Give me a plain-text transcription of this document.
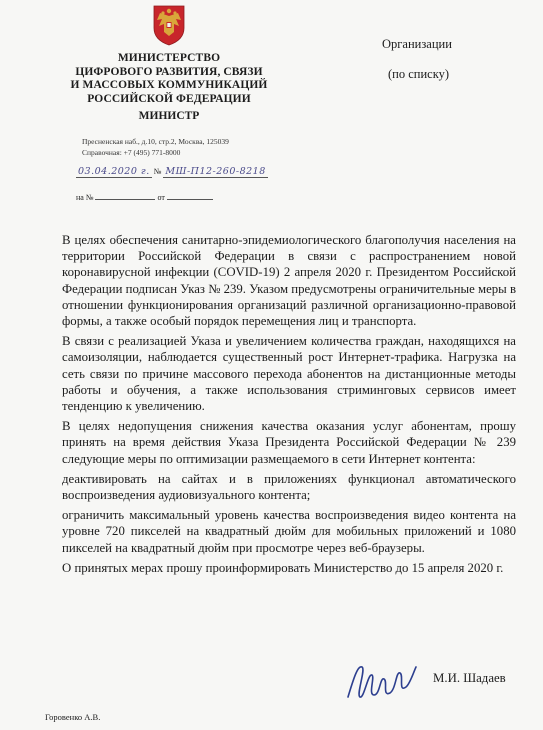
МИНИСТЕРСТВО
ЦИФРОВОГО РАЗВИТИЯ, СВЯЗИ
И МАССОВЫХ КОММУНИКАЦИЙ
РОССИЙСКОЙ ФЕДЕРАЦИИ
МИНИСТР
Пресненская наб., д.10, стр.2, Москва, 125039
Справочная: +7 (495) 771-8000
03.04.2020 г. № МШ-П12-260-8218
на №	от
Организации
(по списку)

В целях обеспечения санитарно-эпидемиологического благополучия населения на территории Российской Федерации в связи с распространением новой коронавирусной инфекции (COVID-19) 2 апреля 2020 г. Президентом Российской Федерации подписан Указ № 239. Указом предусмотрены ограничительные меры в отношении функционирования организаций различной организационно-правовой формы, а также особый порядок перемещения лиц и транспорта.

В связи с реализацией Указа и увеличением количества граждан, находящихся на самоизоляции, наблюдается существенный рост Интернет-трафика. Нагрузка на сеть связи по причине массового перехода абонентов на дистанционные методы работы и обучения, а также использования стриминговых сервисов имеет тенденцию к увеличению.

В целях недопущения снижения качества оказания услуг абонентам, прошу принять на время действия Указа Президента Российской Федерации № 239 следующие меры по оптимизации размещаемого в сети Интернет контента:

деактивировать на сайтах и в приложениях функционал автоматического воспроизведения аудиовизуального контента;

ограничить максимальный уровень качества воспроизведения видео контента на уровне 720 пикселей на квадратный дюйм для мобильных приложений и 1080 пикселей на квадратный дюйм при просмотре через веб-браузеры.

О принятых мерах прошу проинформировать Министерство до 15 апреля 2020 г.

М.И. Шадаев
Горовенко А.В.
